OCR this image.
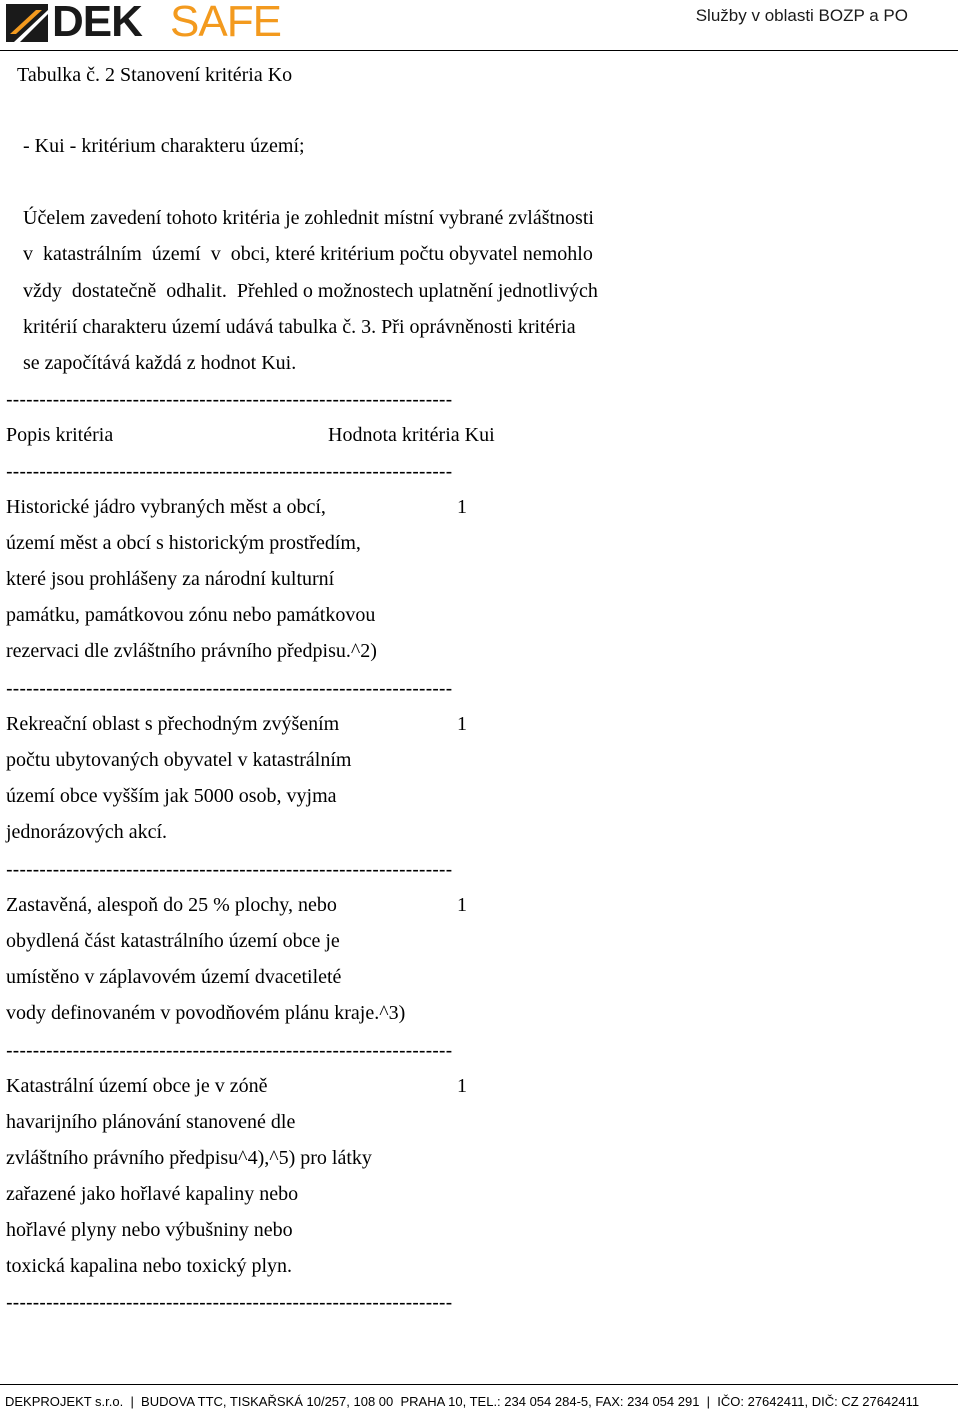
DEK SAFE	Služby v oblasti BOZP a PO
Tabulka č. 2 Stanovení kritéria Ko
- Kui - kritérium charakteru území;
Účelem zavedení tohoto kritéria je zohlednit místní vybrané zvláštnosti
v  katastrálním  území  v  obci, které kritérium počtu obyvatel nemohlo
vždy  dostatečně  odhalit.  Přehled o možnostech uplatnění jednotlivých
kritérií charakteru území udává tabulka č. 3. Při oprávněnosti kritéria
se započítává každá z hodnot Kui.
-------------------------------------------------------------------
Popis kritéria	Hodnota kritéria Kui
-------------------------------------------------------------------
Historické jádro vybraných měst a obcí,
území měst a obcí s historickým prostředím,
které jsou prohlášeny za národní kulturní
památku, památkovou zónu nebo památkovou
rezervaci dle zvláštního právního předpisu.^2)
1
-------------------------------------------------------------------
Rekreační oblast s přechodným zvýšením
počtu ubytovaných obyvatel v katastrálním
území obce vyšším jak 5000 osob, vyjma
jednorázových akcí.
1
-------------------------------------------------------------------
Zastavěná, alespoň do 25 % plochy, nebo
obydlená část katastrálního území obce je
umístěno v záplavovém území dvacetileté
vody definovaném v povodňovém plánu kraje.^3)
1
-------------------------------------------------------------------
Katastrální území obce je v zóně
havarijního plánování stanovené dle
zvláštního právního předpisu^4),^5) pro látky
zařazené jako hořlavé kapaliny nebo
hořlavé plyny nebo výbušniny nebo
toxická kapalina nebo toxický plyn.
1
-------------------------------------------------------------------
DEKPROJEKT s.r.o.  |  BUDOVA TTC, TISKAŘSKÁ 10/257, 108 00  PRAHA 10, TEL.: 234 054 284-5, FAX: 234 054 291  |  IČO: 27642411, DIČ: CZ 27642411
